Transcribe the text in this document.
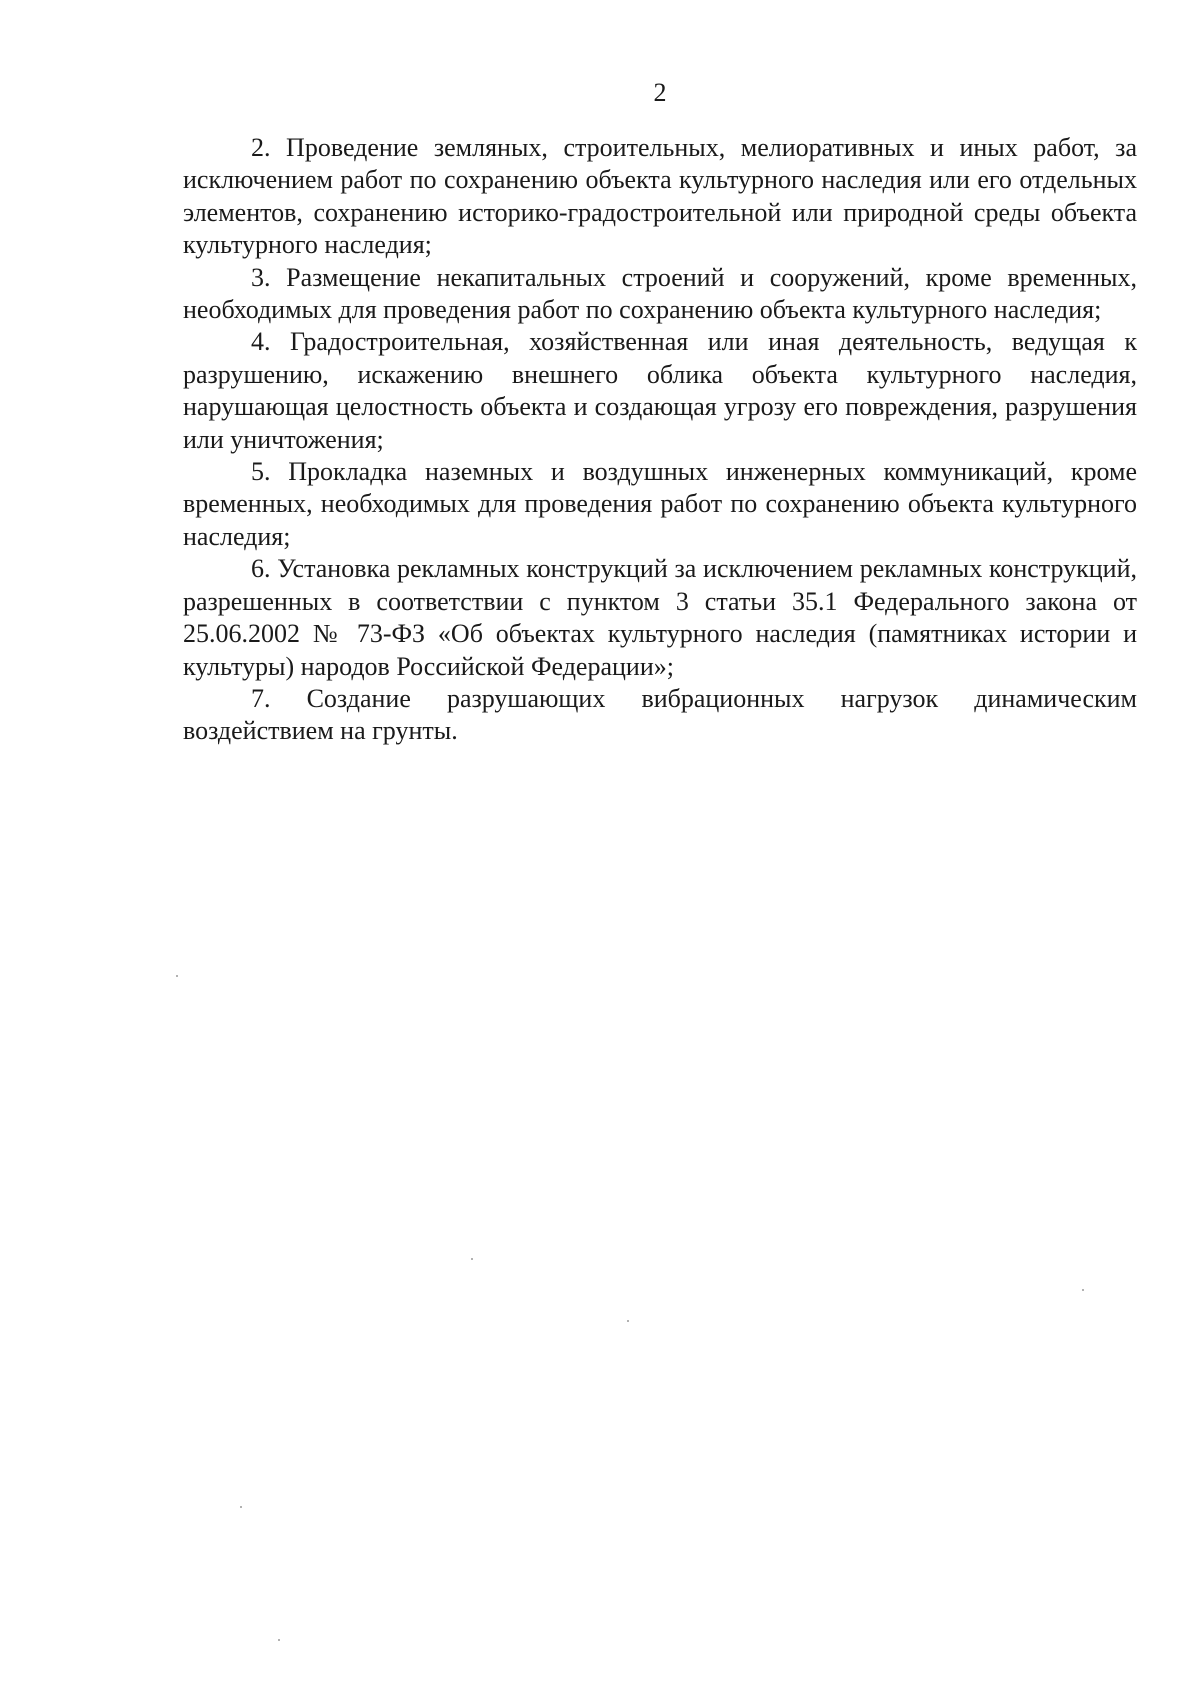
2

2. Проведение земляных, строительных, мелиоративных и иных работ, за исключением работ по сохранению объекта культурного наследия или его отдельных элементов, сохранению историко-градостроительной или природной среды объекта культурного наследия;

3. Размещение некапитальных строений и сооружений, кроме временных, необходимых для проведения работ по сохранению объекта культурного наследия;

4. Градостроительная, хозяйственная или иная деятельность, ведущая к разрушению, искажению внешнего облика объекта культурного наследия, нарушающая целостность объекта и создающая угрозу его повреждения, разрушения или уничтожения;

5. Прокладка наземных и воздушных инженерных коммуникаций, кроме временных, необходимых для проведения работ по сохранению объекта культурного наследия;

6. Установка рекламных конструкций за исключением рекламных конструкций, разрешенных в соответствии с пунктом 3 статьи 35.1 Федерального закона от 25.06.2002 № 73-ФЗ «Об объектах культурного наследия (памятниках истории и культуры) народов Российской Федерации»;

7. Создание разрушающих вибрационных нагрузок динамическим воздействием на грунты.
